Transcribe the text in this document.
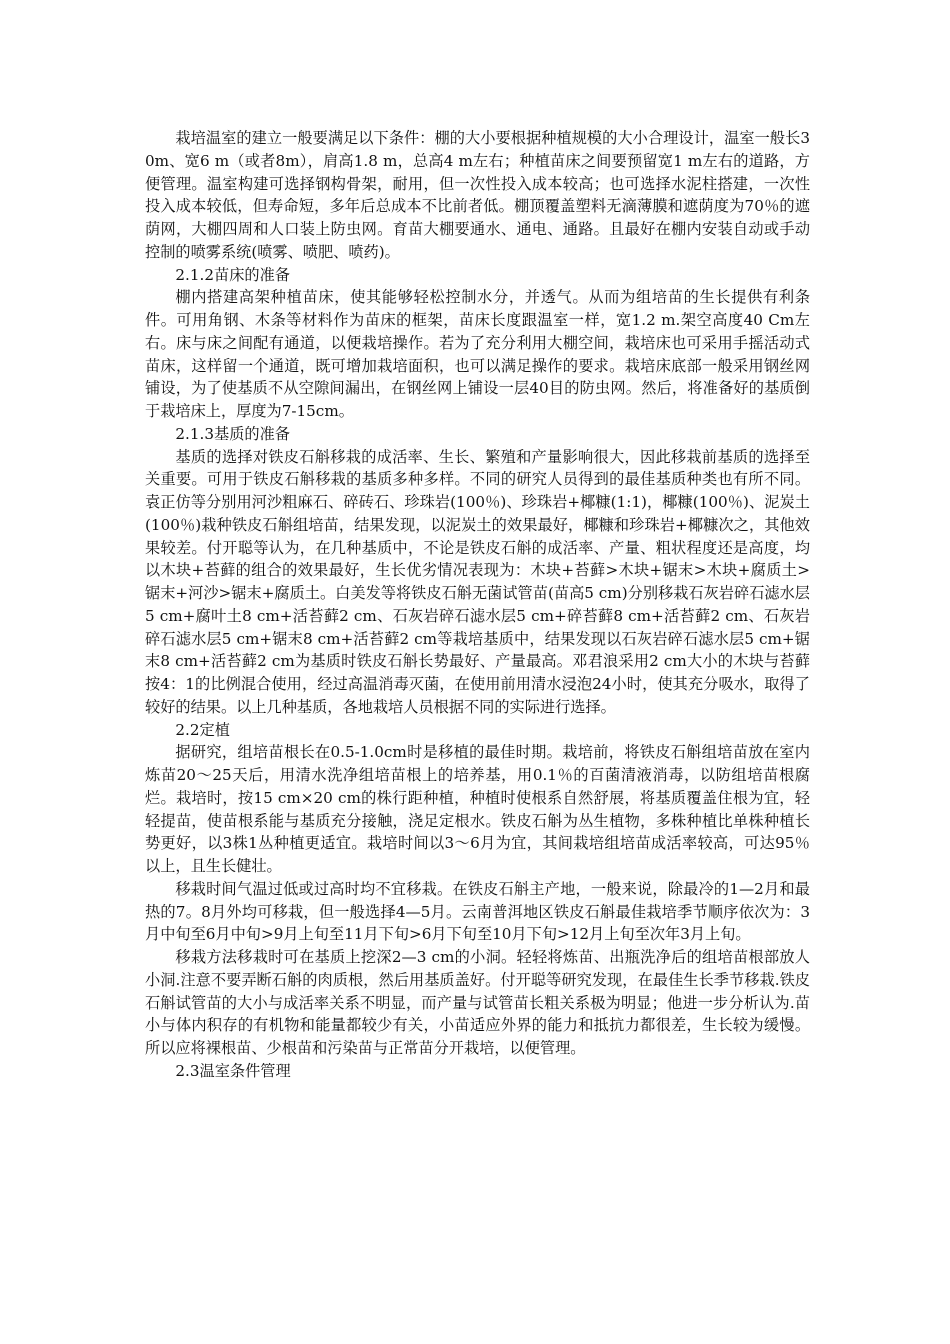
栽培温室的建立一般要满足以下条件：棚的大小要根据种植规模的大小合理设计，温室一般长30m、宽6 m（或者8m），肩高1.8 m，总高4 m左右；种植苗床之间要预留宽1 m左右的道路，方便管理。温室构建可选择钢构骨架，耐用，但一次性投入成本较高；也可选择水泥柱搭建，一次性投入成本较低，但寿命短，多年后总成本不比前者低。棚顶覆盖塑料无滴薄膜和遮荫度为70％的遮荫网，大棚四周和人口装上防虫网。育苗大棚要通水、通电、通路。且最好在棚内安装自动或手动控制的喷雾系统(喷雾、喷肥、喷药)。

2.1.2苗床的准备

棚内搭建高架种植苗床，使其能够轻松控制水分，并透气。从而为组培苗的生长提供有利条件。可用角钢、木条等材料作为苗床的框架，苗床长度跟温室一样，宽1.2 m.架空高度40 Cm左右。床与床之间配有通道，以便栽培操作。若为了充分利用大棚空间，栽培床也可采用手摇活动式苗床，这样留一个通道，既可增加栽培面积，也可以满足操作的要求。栽培床底部一般采用钢丝网铺设，为了使基质不从空隙间漏出，在钢丝网上铺设一层40目的防虫网。然后，将准备好的基质倒于栽培床上，厚度为7-15cm。

2.1.3基质的准备

基质的选择对铁皮石斛移栽的成活率、生长、繁殖和产量影响很大，因此移栽前基质的选择至关重要。可用于铁皮石斛移栽的基质多种多样。不同的研究人员得到的最佳基质种类也有所不同。袁正仿等分别用河沙粗麻石、碎砖石、珍珠岩(100％)、珍珠岩+椰糠(1:1)，椰糠(100％)、泥炭土(100％)栽种铁皮石斛组培苗，结果发现，以泥炭土的效果最好，椰糠和珍珠岩+椰糠次之，其他效果较差。付开聪等认为，在几种基质中，不论是铁皮石斛的成活率、产量、粗状程度还是高度，均以木块+苔藓的组合的效果最好，生长优劣情况表现为：木块+苔藓>木块+锯末>木块+腐质土>锯末+河沙>锯末+腐质土。白美发等将铁皮石斛无菌试管苗(苗高5 cm)分别移栽石灰岩碎石滤水层5 cm+腐叶土8 cm+活苔藓2 cm、石灰岩碎石滤水层5 cm+碎苔藓8 cm+活苔藓2 cm、石灰岩碎石滤水层5 cm+锯末8 cm+活苔藓2 cm等栽培基质中，结果发现以石灰岩碎石滤水层5 cm+锯末8 cm+活苔藓2 cm为基质时铁皮石斛长势最好、产量最高。邓君浪采用2 cm大小的木块与苔藓按4：1的比例混合使用，经过高温消毒灭菌，在使用前用清水浸泡24小时，使其充分吸水，取得了较好的结果。以上几种基质，各地栽培人员根据不同的实际进行选择。

2.2定植

据研究，组培苗根长在0.5-1.0cm时是移植的最佳时期。栽培前，将铁皮石斛组培苗放在室内炼苗20～25天后，用清水洗净组培苗根上的培养基，用0.1％的百菌清液消毒，以防组培苗根腐烂。栽培时，按15 cm×20 cm的株行距种植，种植时使根系自然舒展，将基质覆盖住根为宜，轻轻提苗，使苗根系能与基质充分接触，浇足定根水。铁皮石斛为丛生植物，多株种植比单株种植长势更好，以3株1丛种植更适宜。栽培时间以3～6月为宜，其间栽培组培苗成活率较高，可达95％以上，且生长健壮。

移栽时间气温过低或过高时均不宜移栽。在铁皮石斛主产地，一般来说，除最冷的1—2月和最热的7。8月外均可移栽，但一般选择4—5月。云南普洱地区铁皮石斛最佳栽培季节顺序依次为：3月中旬至6月中旬>9月上旬至11月下旬>6月下旬至10月下旬>12月上旬至次年3月上旬。

移栽方法移栽时可在基质上挖深2—3 cm的小洞。轻轻将炼苗、出瓶洗净后的组培苗根部放人小洞.注意不要弄断石斛的肉质根，然后用基质盖好。付开聪等研究发现，在最佳生长季节移栽.铁皮石斛试管苗的大小与成活率关系不明显，而产量与试管苗长粗关系极为明显；他进一步分析认为.苗小与体内积存的有机物和能量都较少有关，小苗适应外界的能力和抵抗力都很差，生长较为缓慢。所以应将裸根苗、少根苗和污染苗与正常苗分开栽培，以便管理。

2.3温室条件管理
